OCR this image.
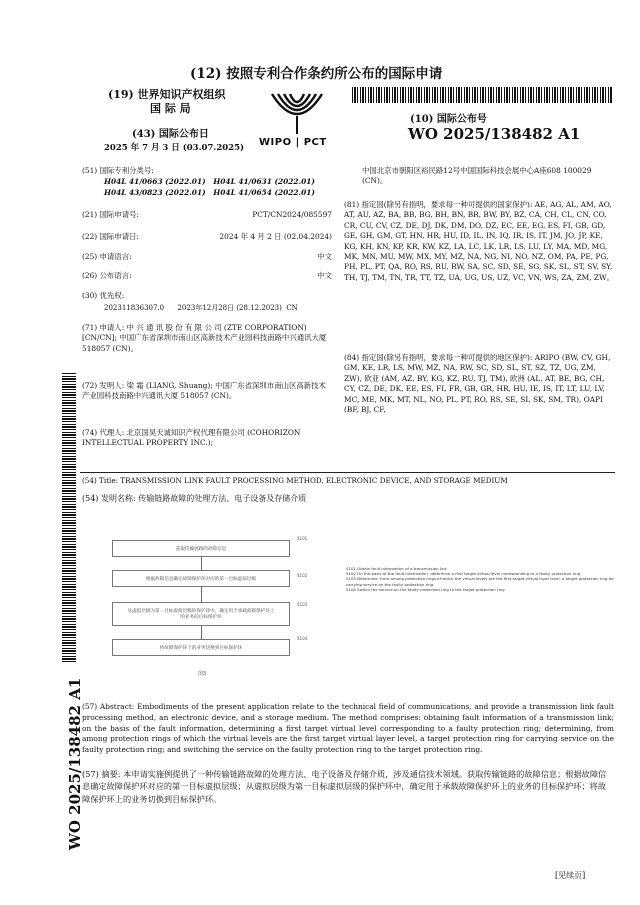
(12) 按照专利合作条约所公布的国际申请
(19) 世界知识产权组织
国 际 局
(43) 国际公布日
2025 年 7 月 3 日 (03.07.2025) WIPO | PCT
(10) 国际公布号
WO 2025/138482 A1
WO 2025/138482 A1
(51) 国际专利分类号:
H04L 41/0663 (2022.01)   H04L 41/0631 (2022.01)
H04L 43/0823 (2022.01)   H04L 41/0654 (2022.01)
(21) 国际申请号:	PCT/CN2024/085597
(22) 国际申请日:	2024 年 4 月 2 日 (02.04.2024)
(25) 申请语言:	中文
(26) 公布语言:	中文
(30) 优先权:
202311836307.0      2023年12月28日 (28.12.2023)  CN
(71) 申请人: 中 兴 通 讯 股 份 有 限 公 司 (ZTE CORPORATION) [CN/CN]; 中国广东省深圳市南山区高新技术产业园科技南路中兴通讯大厦 518057 (CN)。
(72) 发明人: 梁 霜 (LIANG, Shuang); 中国广东省深圳市南山区高新技术产业园科技南路中兴通讯大厦 518057 (CN)。
(74) 代理人: 北京国昊天诚知识产权代理有限公司 (COHORIZON INTELLECTUAL PROPERTY INC.);
中国北京市朝阳区裕民路12号中国国际科技会展中心A座608 100029 (CN)。
(81) 指定国(除另有指明，要求每一种可提供的国家保护): AE, AG, AL, AM, AO, AT, AU, AZ, BA, BB, BG, BH, BN, BR, BW, BY, BZ, CA, CH, CL, CN, CO, CR, CU, CV, CZ, DE, DJ, DK, DM, DO, DZ, EC, EE, EG, ES, FI, GB, GD, GE, GH, GM, GT, HN, HR, HU, ID, IL, IN, IQ, IR, IS, IT, JM, JO, JP, KE, KG, KH, KN, KP, KR, KW, KZ, LA, LC, LK, LR, LS, LU, LY, MA, MD, MG, MK, MN, MU, MW, MX, MY, MZ, NA, NG, NI, NO, NZ, OM, PA, PE, PG, PH, PL, PT, QA, RO, RS, RU, RW, SA, SC, SD, SE, SG, SK, SL, ST, SV, SY, TH, TJ, TM, TN, TR, TT, TZ, UA, UG, US, UZ, VC, VN, WS, ZA, ZM, ZW。
(84) 指定国(除另有指明，要求每一种可提供的地区保护): ARIPO (BW, CV, GH, GM, KE, LR, LS, MW, MZ, NA, RW, SC, SD, SL, ST, SZ, TZ, UG, ZM, ZW), 欧亚 (AM, AZ, BY, KG, KZ, RU, TJ, TM), 欧洲 (AL, AT, BE, BG, CH, CY, CZ, DE, DK, EE, ES, FI, FR, GB, GR, HR, HU, IE, IS, IT, LT, LU, LV, MC, ME, MK, MT, NL, NO, PL, PT, RO, RS, SE, SI, SK, SM, TR), OAPI (BF, BJ, CF,
(54) Title: TRANSMISSION LINK FAULT PROCESSING METHOD, ELECTRONIC DEVICE, AND STORAGE MEDIUM
(54) 发明名称: 传输链路故障的处理方法、电子设备及存储介质
获取传输链路的故障信息
S101
根据故障信息确定故障保护环对应的第一目标虚拟层级
S102
从虚拟层级为第一目标虚拟层级的保护环中，确定用于承载故障保护环上的业务的目标保护环
S103
将故障保护环上的业务切换到目标保护环
S104
图3
S101 Obtain fault information of a transmission link
S102 On the basis of the fault information, determine a first target virtual level corresponding to a faulty protection ring
S103 Determine, from among protection rings of which the virtual levels are the first target virtual layer level, a target protection ring for carrying service on the faulty protection ring
S104 Switch the service on the faulty protection ring to the target protection ring
(57) Abstract: Embodiments of the present application relate to the technical field of communications, and provide a transmission link fault processing method, an electronic device, and a storage medium. The method comprises: obtaining fault information of a transmission link; on the basis of the fault information, determining a first target virtual level corresponding to a faulty protection ring; determining, from among protection rings of which the virtual levels are the first target virtual layer level, a target protection ring for carrying service on the faulty protection ring; and switching the service on the faulty protection ring to the target protection ring.
(57) 摘要: 本申请实施例提供了一种传输链路故障的处理方法、电子设备及存储介质，涉及通信技术领域。获取传输链路的故障信息；根据故障信息确定故障保护环对应的第一目标虚拟层级；从虚拟层级为第一目标虚拟层级的保护环中，确定用于承载故障保护环上的业务的目标保护环；将故障保护环上的业务切换到目标保护环。
[见续页]
